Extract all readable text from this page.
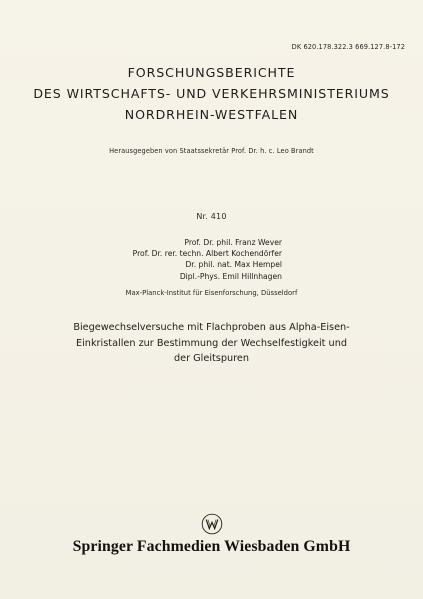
DK 620.178.322.3 669.127.8-172
FORSCHUNGSBERICHTE
DES WIRTSCHAFTS- UND VERKEHRSMINISTERIUMS
NORDRHEIN-WESTFALEN
Herausgegeben von Staatssekretär Prof. Dr. h. c. Leo Brandt
Nr. 410
Prof. Dr. phil. Franz Wever
Prof. Dr. rer. techn. Albert Kochendörfer
Dr. phil. nat. Max Hempel
Dipl.-Phys. Emil Hillnhagen
Max-Planck-Institut für Eisenforschung, Düsseldorf
Biegewechselversuche mit Flachproben aus Alpha-Eisen-
Einkristallen zur Bestimmung der Wechselfestigkeit und
der Gleitspuren
Springer Fachmedien Wiesbaden GmbH
